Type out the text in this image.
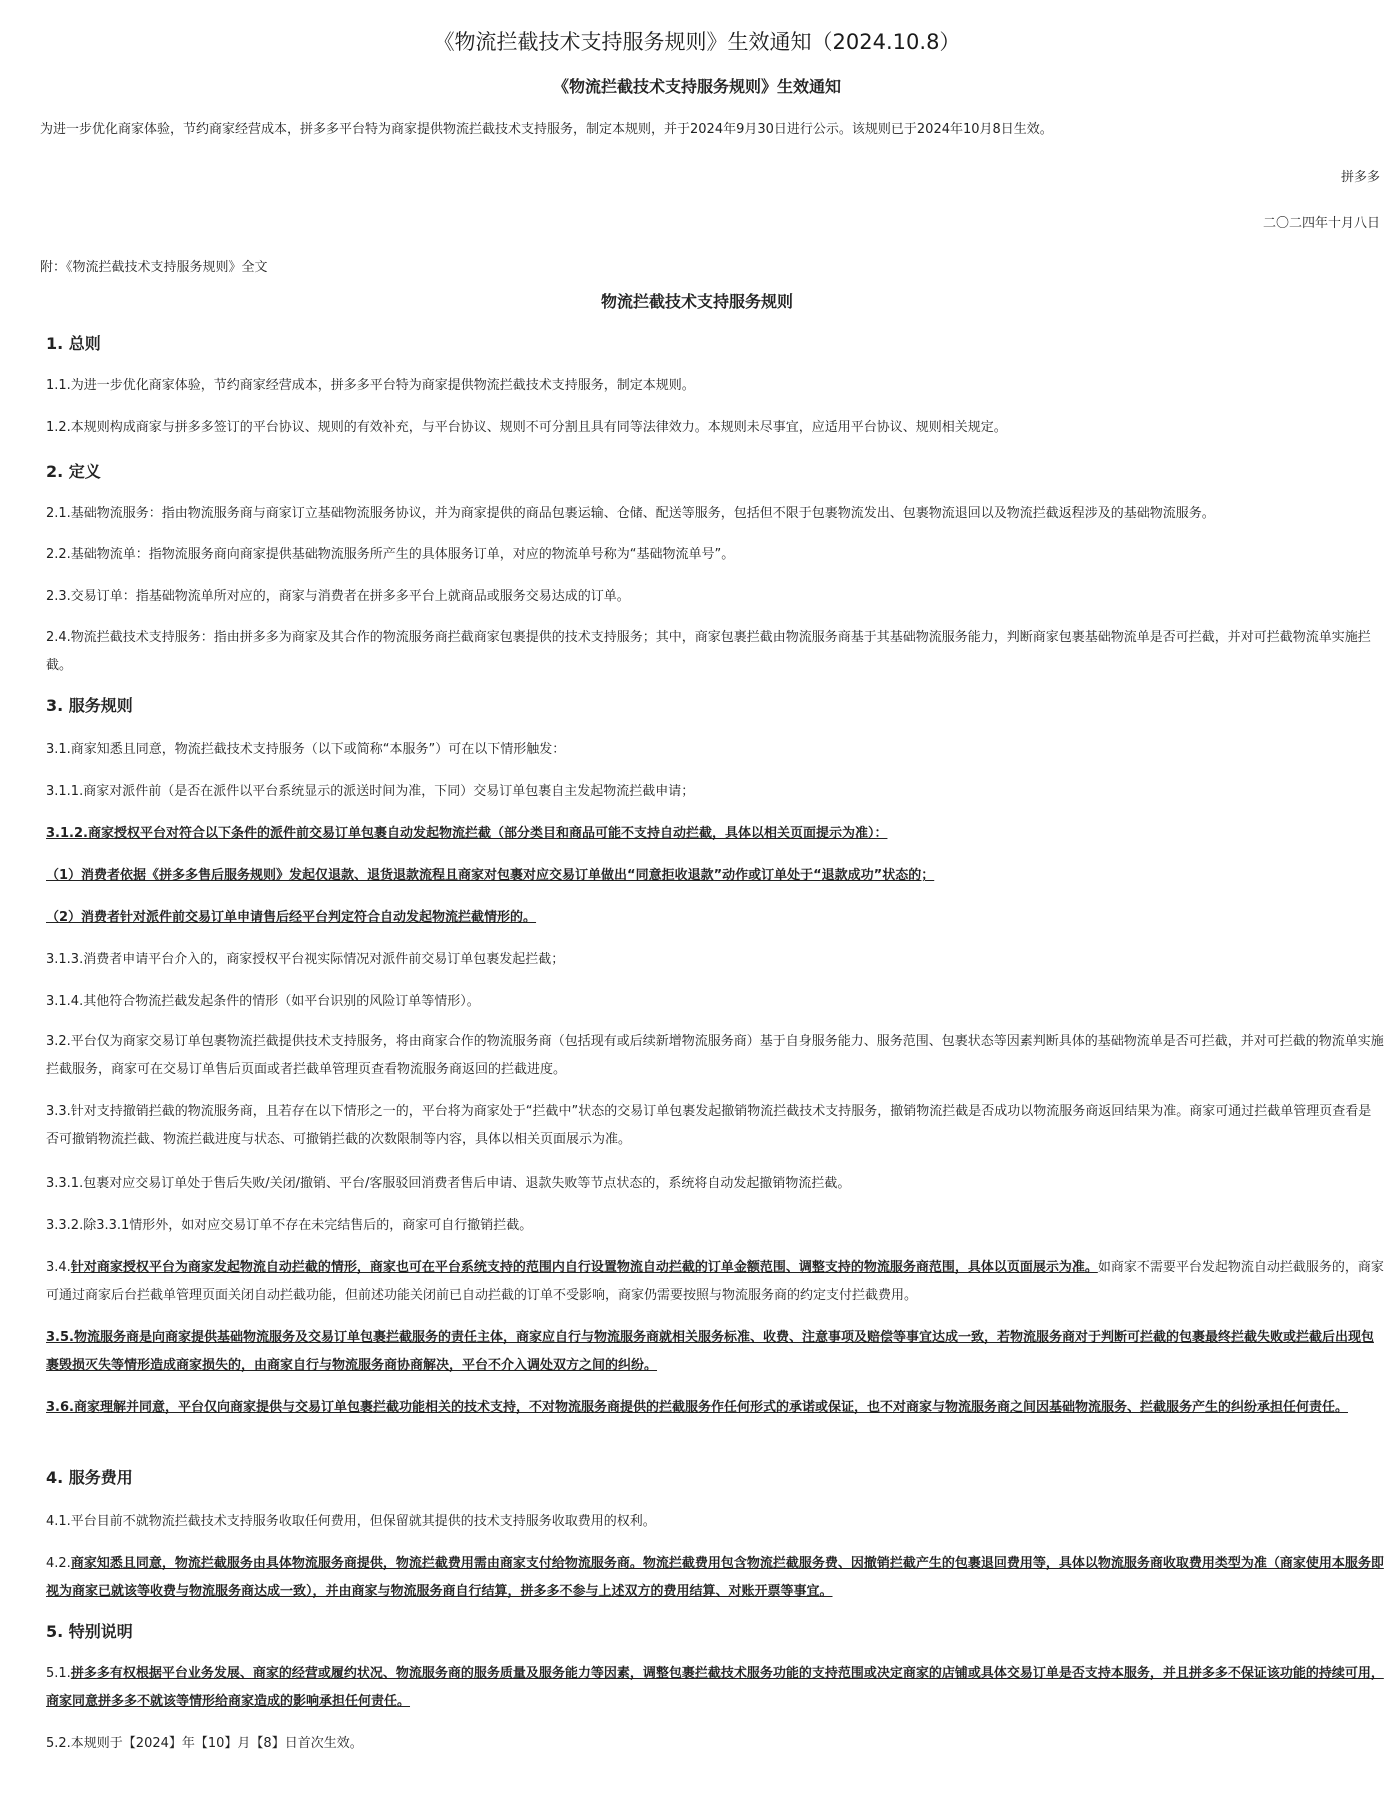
《物流拦截技术支持服务规则》生效通知（2024.10.8）
《物流拦截技术支持服务规则》生效通知
为进一步优化商家体验，节约商家经营成本，拼多多平台特为商家提供物流拦截技术支持服务，制定本规则，并于2024年9月30日进行公示。该规则已于2024年10月8日生效。
拼多多
二〇二四年十月八日
附：《物流拦截技术支持服务规则》全文
物流拦截技术支持服务规则
1. 总则
1.1.为进一步优化商家体验，节约商家经营成本，拼多多平台特为商家提供物流拦截技术支持服务，制定本规则。
1.2.本规则构成商家与拼多多签订的平台协议、规则的有效补充，与平台协议、规则不可分割且具有同等法律效力。本规则未尽事宜，应适用平台协议、规则相关规定。
2. 定义
2.1.基础物流服务：指由物流服务商与商家订立基础物流服务协议，并为商家提供的商品包裹运输、仓储、配送等服务，包括但不限于包裹物流发出、包裹物流退回以及物流拦截返程涉及的基础物流服务。
2.2.基础物流单：指物流服务商向商家提供基础物流服务所产生的具体服务订单，对应的物流单号称为“基础物流单号”。
2.3.交易订单：指基础物流单所对应的，商家与消费者在拼多多平台上就商品或服务交易达成的订单。
2.4.物流拦截技术支持服务：指由拼多多为商家及其合作的物流服务商拦截商家包裹提供的技术支持服务；其中，商家包裹拦截由物流服务商基于其基础物流服务能力，判断商家包裹基础物流单是否可拦截，并对可拦截物流单实施拦截。
3. 服务规则
3.1.商家知悉且同意，物流拦截技术支持服务（以下或简称“本服务”）可在以下情形触发：
3.1.1.商家对派件前（是否在派件以平台系统显示的派送时间为准，下同）交易订单包裹自主发起物流拦截申请；
3.1.2.商家授权平台对符合以下条件的派件前交易订单包裹自动发起物流拦截（部分类目和商品可能不支持自动拦截，具体以相关页面提示为准）：
（1）消费者依据《拼多多售后服务规则》发起仅退款、退货退款流程且商家对包裹对应交易订单做出“同意拒收退款”动作或订单处于“退款成功”状态的；
（2）消费者针对派件前交易订单申请售后经平台判定符合自动发起物流拦截情形的。
3.1.3.消费者申请平台介入的，商家授权平台视实际情况对派件前交易订单包裹发起拦截；
3.1.4.其他符合物流拦截发起条件的情形（如平台识别的风险订单等情形）。
3.2.平台仅为商家交易订单包裹物流拦截提供技术支持服务，将由商家合作的物流服务商（包括现有或后续新增物流服务商）基于自身服务能力、服务范围、包裹状态等因素判断具体的基础物流单是否可拦截，并对可拦截的物流单实施拦截服务，商家可在交易订单售后页面或者拦截单管理页查看物流服务商返回的拦截进度。
3.3.针对支持撤销拦截的物流服务商，且若存在以下情形之一的，平台将为商家处于“拦截中”状态的交易订单包裹发起撤销物流拦截技术支持服务，撤销物流拦截是否成功以物流服务商返回结果为准。商家可通过拦截单管理页查看是否可撤销物流拦截、物流拦截进度与状态、可撤销拦截的次数限制等内容，具体以相关页面展示为准。
3.3.1.包裹对应交易订单处于售后失败/关闭/撤销、平台/客服驳回消费者售后申请、退款失败等节点状态的，系统将自动发起撤销物流拦截。
3.3.2.除3.3.1情形外，如对应交易订单不存在未完结售后的，商家可自行撤销拦截。
3.4.针对商家授权平台为商家发起物流自动拦截的情形，商家也可在平台系统支持的范围内自行设置物流自动拦截的订单金额范围、调整支持的物流服务商范围，具体以页面展示为准。如商家不需要平台发起物流自动拦截服务的，商家可通过商家后台拦截单管理页面关闭自动拦截功能，但前述功能关闭前已自动拦截的订单不受影响，商家仍需要按照与物流服务商的约定支付拦截费用。
3.5.物流服务商是向商家提供基础物流服务及交易订单包裹拦截服务的责任主体，商家应自行与物流服务商就相关服务标准、收费、注意事项及赔偿等事宜达成一致，若物流服务商对于判断可拦截的包裹最终拦截失败或拦截后出现包裹毁损灭失等情形造成商家损失的，由商家自行与物流服务商协商解决，平台不介入调处双方之间的纠纷。
3.6.商家理解并同意，平台仅向商家提供与交易订单包裹拦截功能相关的技术支持，不对物流服务商提供的拦截服务作任何形式的承诺或保证，也不对商家与物流服务商之间因基础物流服务、拦截服务产生的纠纷承担任何责任。
4. 服务费用
4.1.平台目前不就物流拦截技术支持服务收取任何费用，但保留就其提供的技术支持服务收取费用的权利。
4.2.商家知悉且同意，物流拦截服务由具体物流服务商提供，物流拦截费用需由商家支付给物流服务商。物流拦截费用包含物流拦截服务费、因撤销拦截产生的包裹退回费用等，具体以物流服务商收取费用类型为准（商家使用本服务即视为商家已就该等收费与物流服务商达成一致），并由商家与物流服务商自行结算，拼多多不参与上述双方的费用结算、对账开票等事宜。
5. 特别说明
5.1.拼多多有权根据平台业务发展、商家的经营或履约状况、物流服务商的服务质量及服务能力等因素，调整包裹拦截技术服务功能的支持范围或决定商家的店铺或具体交易订单是否支持本服务，并且拼多多不保证该功能的持续可用，商家同意拼多多不就该等情形给商家造成的影响承担任何责任。
5.2.本规则于【2024】年【10】月【8】日首次生效。
